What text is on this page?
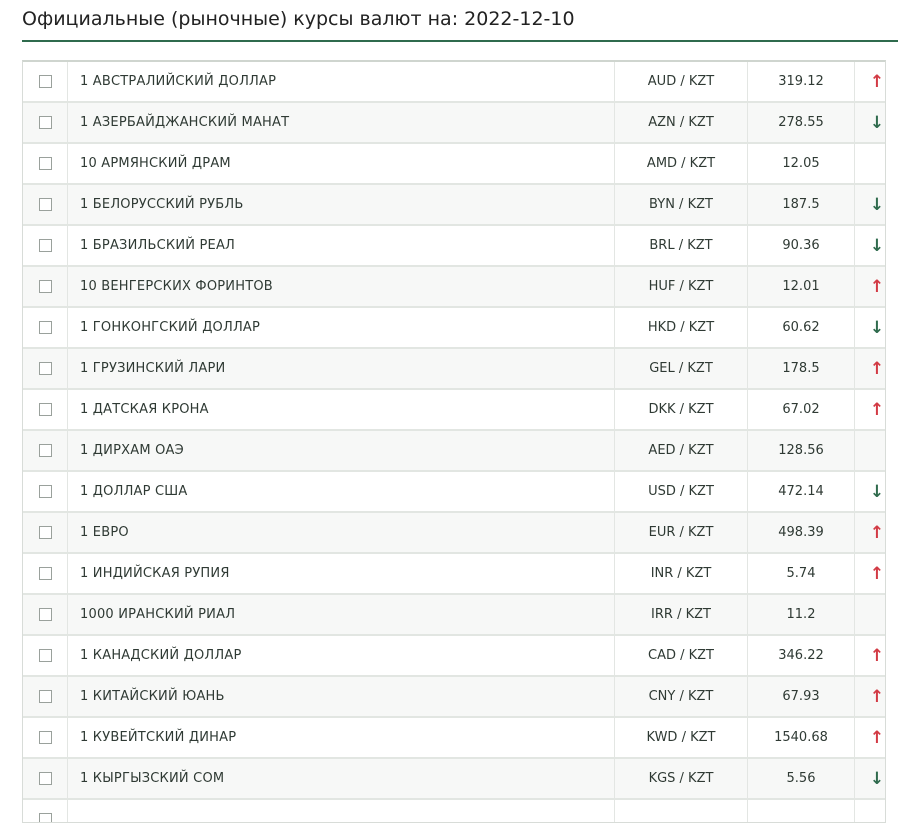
Официальные (рыночные) курсы валют на: 2022-12-10
	1 АВСТРАЛИЙСКИЙ ДОЛЛАР	AUD / KZT	319.12	↑
	1 АЗЕРБАЙДЖАНСКИЙ МАНАТ	AZN / KZT	278.55	↓
	10 АРМЯНСКИЙ ДРАМ	AMD / KZT	12.05	
	1 БЕЛОРУССКИЙ РУБЛЬ	BYN / KZT	187.5	↓
	1 БРАЗИЛЬСКИЙ РЕАЛ	BRL / KZT	90.36	↓
	10 ВЕНГЕРСКИХ ФОРИНТОВ	HUF / KZT	12.01	↑
	1 ГОНКОНГСКИЙ ДОЛЛАР	HKD / KZT	60.62	↓
	1 ГРУЗИНСКИЙ ЛАРИ	GEL / KZT	178.5	↑
	1 ДАТСКАЯ КРОНА	DKK / KZT	67.02	↑
	1 ДИРХАМ ОАЭ	AED / KZT	128.56	
	1 ДОЛЛАР США	USD / KZT	472.14	↓
	1 ЕВРО	EUR / KZT	498.39	↑
	1 ИНДИЙСКАЯ РУПИЯ	INR / KZT	5.74	↑
	1000 ИРАНСКИЙ РИАЛ	IRR / KZT	11.2	
	1 КАНАДСКИЙ ДОЛЛАР	CAD / KZT	346.22	↑
	1 КИТАЙСКИЙ ЮАНЬ	CNY / KZT	67.93	↑
	1 КУВЕЙТСКИЙ ДИНАР	KWD / KZT	1540.68	↑
	1 КЫРГЫЗСКИЙ СОМ	KGS / KZT	5.56	↓
